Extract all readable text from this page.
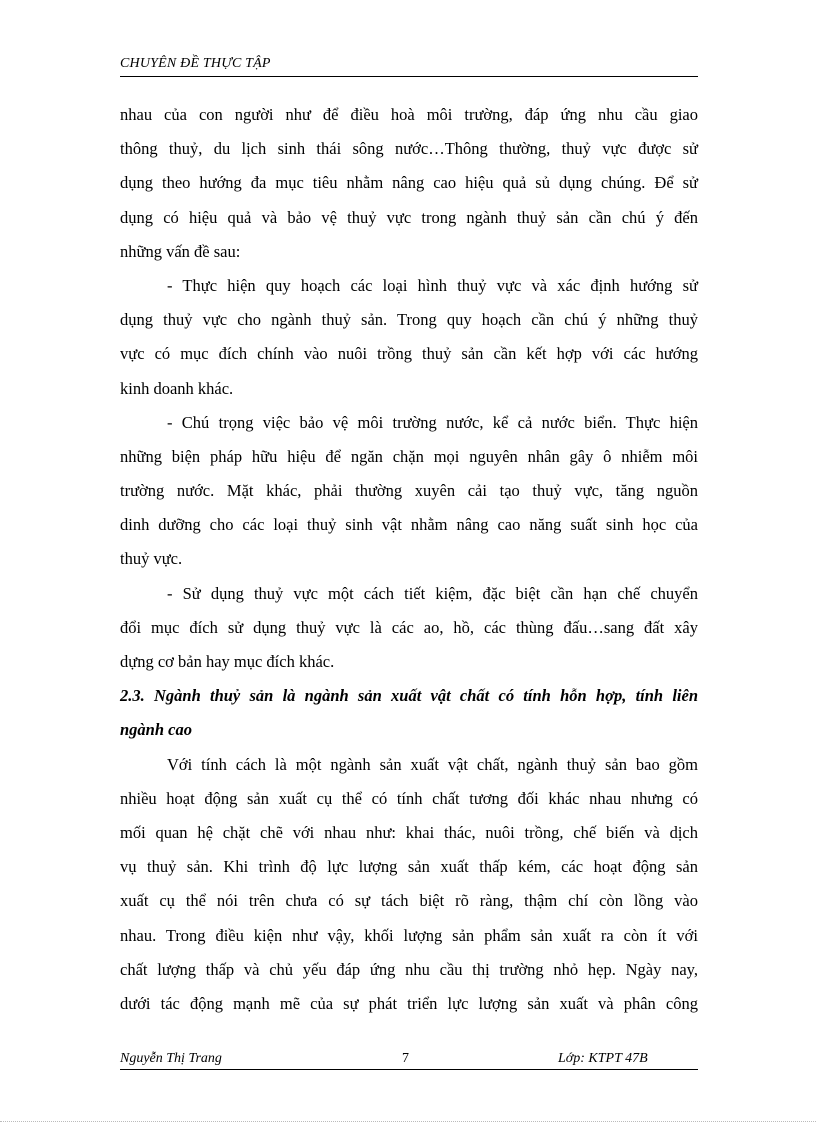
CHUYÊN ĐỀ THỰC TẬP
nhau của con người như để điều hoà môi trường, đáp ứng nhu cầu giao
thông thuỷ, du lịch sinh thái sông nước…Thông thường, thuỷ vực được sử
dụng theo hướng đa mục tiêu nhằm nâng cao hiệu quả sủ dụng chúng. Để sử
dụng có hiệu quả và bảo vệ thuỷ vực trong ngành thuỷ sản cần chú ý đến
những vấn đề sau:
- Thực hiện quy hoạch các loại hình thuỷ vực và xác định hướng sử
dụng thuỷ vực cho ngành thuỷ sản. Trong quy hoạch cần chú ý những thuỷ
vực có mục đích chính vào nuôi trồng thuỷ sản cần kết hợp với các hướng
kinh doanh khác.
- Chú trọng việc bảo vệ môi trường nước, kể cả nước biển. Thực hiện
những biện pháp hữu hiệu để ngăn chặn mọi nguyên nhân gây ô nhiễm môi
trường nước. Mặt khác, phải thường xuyên cải tạo thuỷ vực, tăng nguồn
dinh dưỡng cho các loại thuỷ sinh vật nhằm nâng cao năng suất sinh học của
thuỷ vực.
- Sử dụng thuỷ vực một cách tiết kiệm, đặc biệt cần hạn chế chuyển
đổi mục đích sử dụng thuỷ vực là các ao, hồ, các thùng đấu…sang đất xây
dựng cơ bản hay mục đích khác.
2.3. Ngành thuỷ sản là ngành sản xuất vật chất có tính hỗn hợp, tính liên
ngành cao
Với tính cách là một ngành sản xuất vật chất, ngành thuỷ sản bao gồm
nhiều hoạt động sản xuất cụ thể có tính chất tương đối khác nhau nhưng có
mối quan hệ chặt chẽ với nhau như: khai thác, nuôi trồng, chế biến và dịch
vụ thuỷ sản. Khi trình độ lực lượng sản xuất thấp kém, các hoạt động sản
xuất cụ thể nói trên chưa có sự tách biệt rõ ràng, thậm chí còn lồng vào
nhau. Trong điều kiện như vậy, khối lượng sản phẩm sản xuất ra còn ít với
chất lượng thấp và chủ yếu đáp ứng nhu cầu thị trường nhỏ hẹp. Ngày nay,
dưới tác động mạnh mẽ của sự phát triển lực lượng sản xuất và phân công
Nguyễn Thị Trang	7	Lớp: KTPT 47B
